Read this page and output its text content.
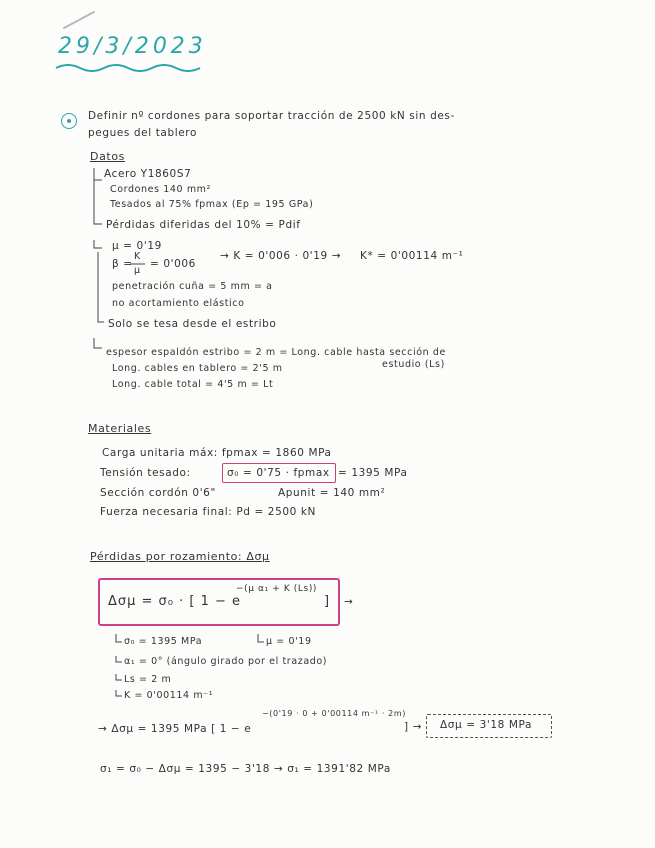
29/3/2023
Definir nº cordones para soportar tracción de 2500 kN sin des-
pegues del tablero
Datos
Acero Y1860S7
Cordones 140 mm²
Tesados al 75% fpmax (Ep = 195 GPa)
Pérdidas diferidas del 10% = Pdif
μ = 0'19
β =
K
μ
= 0'006
→ K = 0'006 · 0'19 → K* = 0'00114 m⁻¹
penetración cuña = 5 mm = a
no acortamiento elástico
Solo se tesa desde el estribo
espesor espaldón estribo = 2 m = Long. cable hasta sección de
estudio (Ls)
Long. cables en tablero = 2'5 m
Long. cable total = 4'5 m = Lt
Materiales
Carga unitaria máx: fpmax = 1860 MPa
Tensión tesado:	σ₀ = 0'75 · fpmax = 1395 MPa
Sección cordón 0'6"	Apunit = 140 mm²
Fuerza necesaria final: Pd = 2500 kN
Pérdidas por rozamiento: Δσμ
Δσμ = σ₀ · [ 1 − e
−(μ α₁ + K (Ls))
] →
σ₀ = 1395 MPa	μ = 0'19
α₁ = 0° (ángulo girado por el trazado)
Ls = 2 m
K = 0'00114 m⁻¹
→ Δσμ = 1395 MPa [ 1 − e
−(0'19 · 0 + 0'00114 m⁻¹ · 2m)
] → Δσμ = 3'18 MPa
σ₁ = σ₀ − Δσμ = 1395 − 3'18 → σ₁ = 1391'82 MPa
